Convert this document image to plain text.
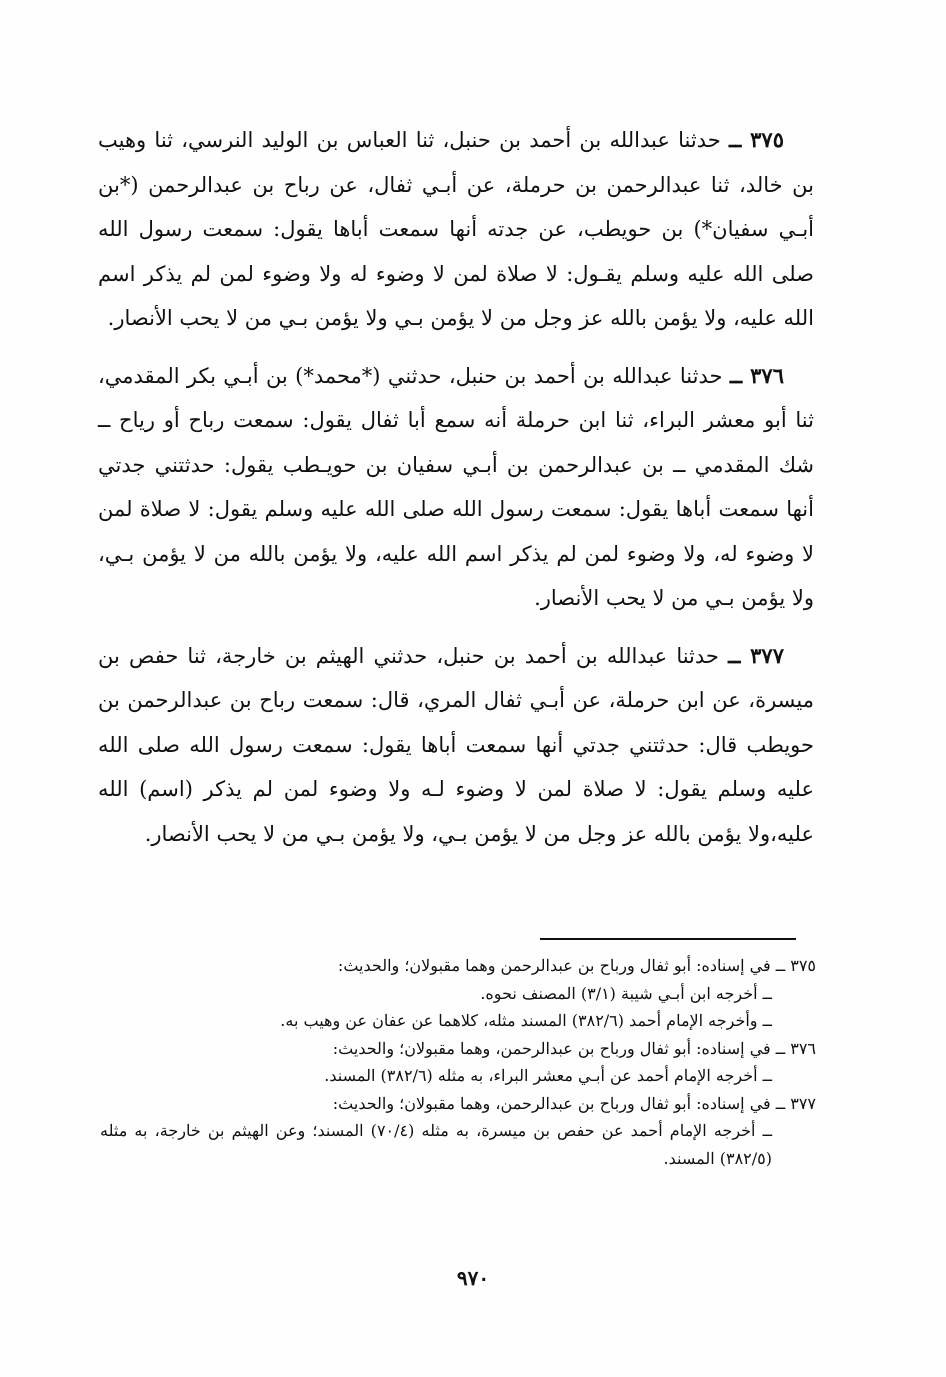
٣٧٥ ــ حدثنا عبدالله بن أحمد بن حنبل، ثنا العباس بن الوليد النرسي، ثنا وهيب بن خالد، ثنا عبدالرحمن بن حرملة، عن أبـي ثفال، عن رباح بن عبدالرحمن (*بن أبـي سفيان*) بن حويطب، عن جدته أنها سمعت أباها يقول: سمعت رسول الله صلى الله عليه وسلم يقـول: لا صلاة لمن لا وضوء له ولا وضوء لمن لم يذكر اسم الله عليه، ولا يؤمن بالله عز وجل من لا يؤمن بـي ولا يؤمن بـي من لا يحب الأنصار.

٣٧٦ ــ حدثنا عبدالله بن أحمد بن حنبل، حدثني (*محمد*) بن أبـي بكر المقدمي، ثنا أبو معشر البراء، ثنا ابن حرملة أنه سمع أبا ثفال يقول: سمعت رباح أو رياح ــ شك المقدمي ــ بن عبدالرحمن بن أبـي سفيان بن حويـطب يقول: حدثتني جدتي أنها سمعت أباها يقول: سمعت رسول الله صلى الله عليه وسلم يقول: لا صلاة لمن لا وضوء له، ولا وضوء لمن لم يذكر اسم الله عليه، ولا يؤمن بالله من لا يؤمن بـي، ولا يؤمن بـي من لا يحب الأنصار.

٣٧٧ ــ حدثنا عبدالله بن أحمد بن حنبل، حدثني الهيثم بن خارجة، ثنا حفص بن ميسرة، عن ابن حرملة، عن أبـي ثفال المري، قال: سمعت رباح بن عبدالرحمن بن حويطب قال: حدثتني جدتي أنها سمعت أباها يقول: سمعت رسول الله صلى الله عليه وسلم يقول: لا صلاة لمن لا وضوء لـه ولا وضوء لمن لم يذكر (اسم) الله عليه،ولا يؤمن بالله عز وجل من لا يؤمن بـي، ولا يؤمن بـي من لا يحب الأنصار.

٣٧٥ ــ في إسناده: أبو ثفال ورباح بن عبدالرحمن وهما مقبولان؛ والحديث:

ــ أخرجه ابن أبـي شيبة (٣/١) المصنف نحوه.

ــ وأخرجه الإمام أحمد (٣٨٢/٦) المسند مثله، كلاهما عن عفان عن وهيب به.

٣٧٦ ــ في إسناده: أبو ثفال ورباح بن عبدالرحمن، وهما مقبولان؛ والحديث:

ــ أخرجه الإمام أحمد عن أبـي معشر البراء، به مثله (٣٨٢/٦) المسند.

٣٧٧ ــ في إسناده: أبو ثفال ورباح بن عبدالرحمن، وهما مقبولان؛ والحديث:

ــ أخرجه الإمام أحمد عن حفص بن ميسرة، به مثله (٧٠/٤) المسند؛ وعن الهيثم بن خارجة، به مثله (٣٨٢/٥) المسند.

٩٧٠
